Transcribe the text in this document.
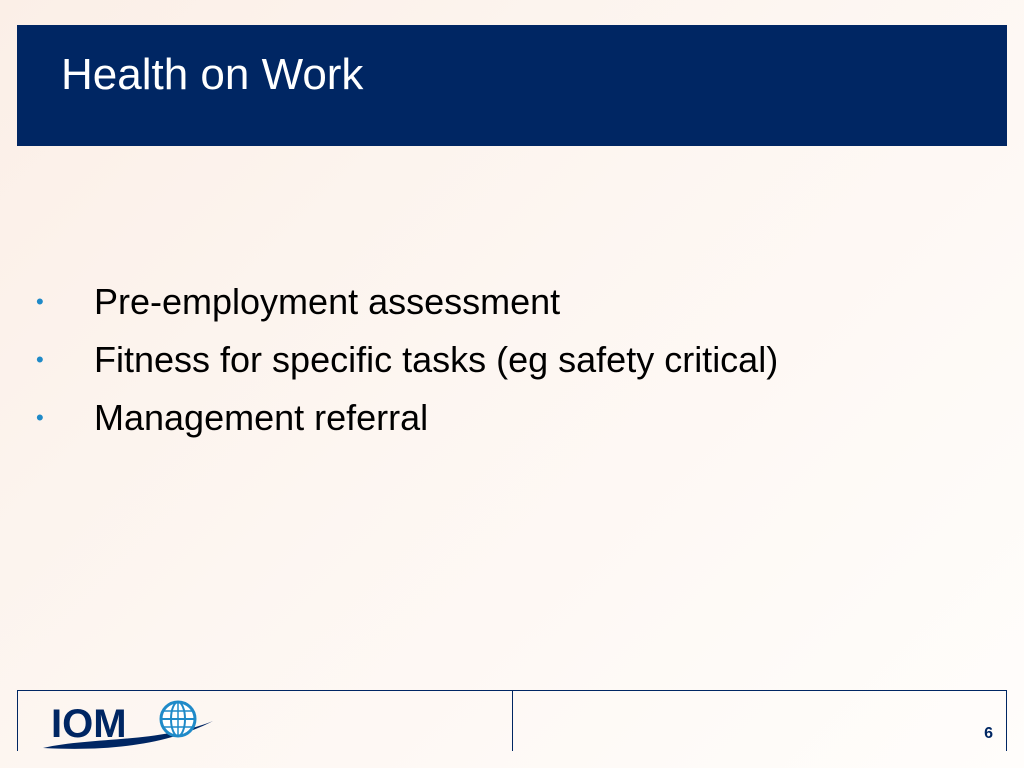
Health on Work
• Pre-employment assessment
• Fitness for specific tasks (eg safety critical)
• Management referral
IOM	6
